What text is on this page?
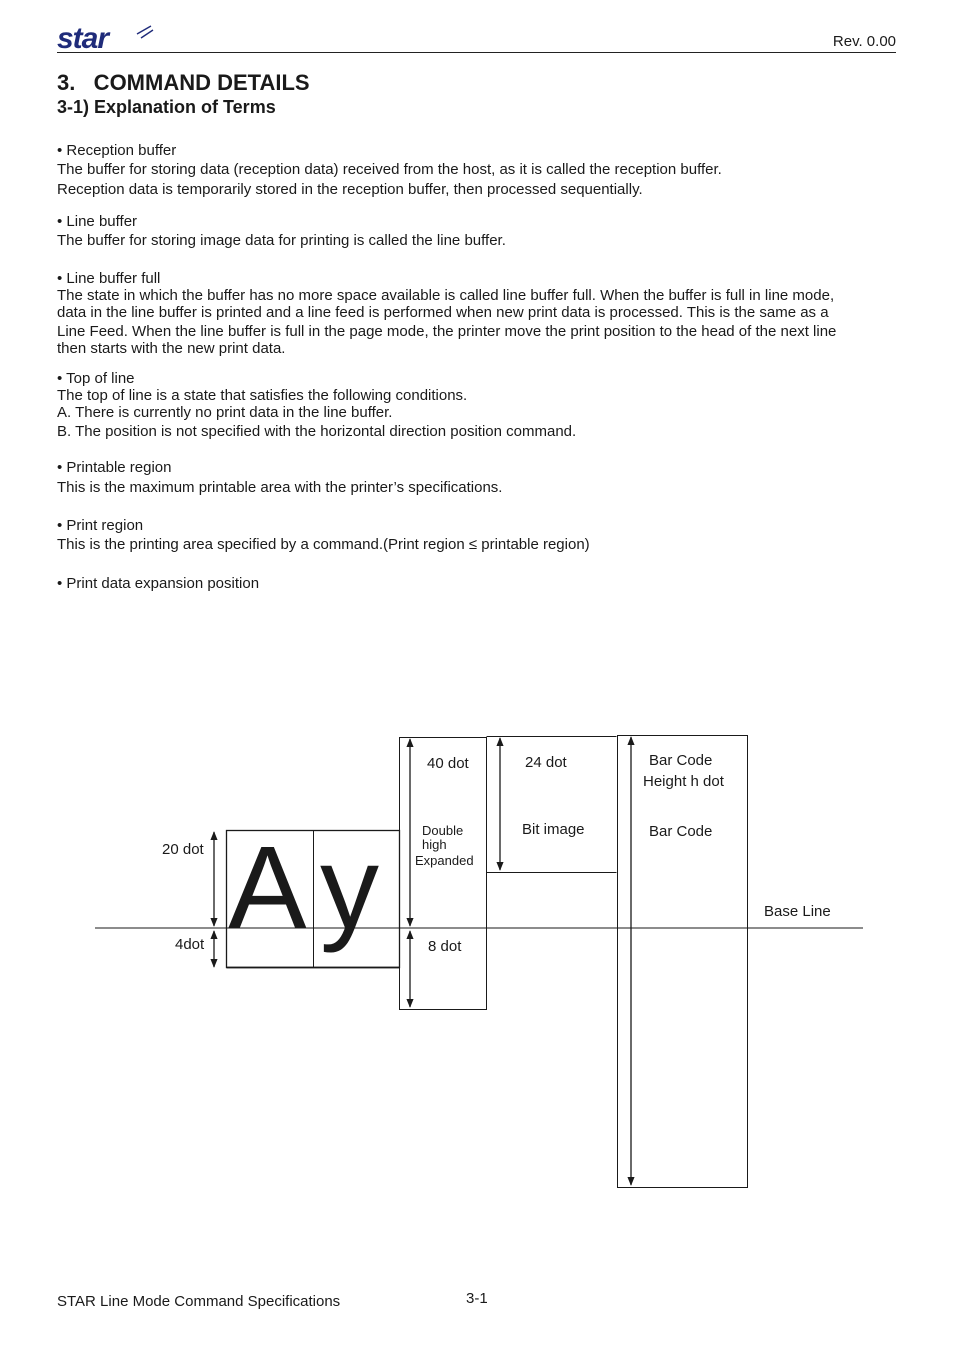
star	Rev. 0.00
3.   COMMAND DETAILS
3-1) Explanation of Terms

• Reception buffer

The buffer for storing data (reception data) received from the host, as it is called the reception buffer.

Reception data is temporarily stored in the reception buffer, then processed sequentially.

• Line buffer

The buffer for storing image data for printing is called the line buffer.

• Line buffer full

The state in which the buffer has no more space available is called line buffer full. When the buffer is full in line mode,

data in the line buffer is printed and a line feed is performed when new print data is processed. This is the same as a

Line Feed. When the line buffer is full in the page mode, the printer move the print position to the head of the next line

then starts with the new print data.

• Top of line

The top of line is a state that satisfies the following conditions.

A. There is currently no print data in the line buffer.

B. The position is not specified with the horizontal direction position command.

• Printable region

This is the maximum printable area with the printer’s specifications.

• Print region

This is the printing area specified by a command.(Print region ≤ printable region)

• Print data expansion position

A y
20 dot
4dot
40 dot
Double
high
Expanded
8 dot
24 dot
Bit image
Bar Code
Height h dot
Bar Code
Base Line
STAR Line Mode Command Specifications	3-1
